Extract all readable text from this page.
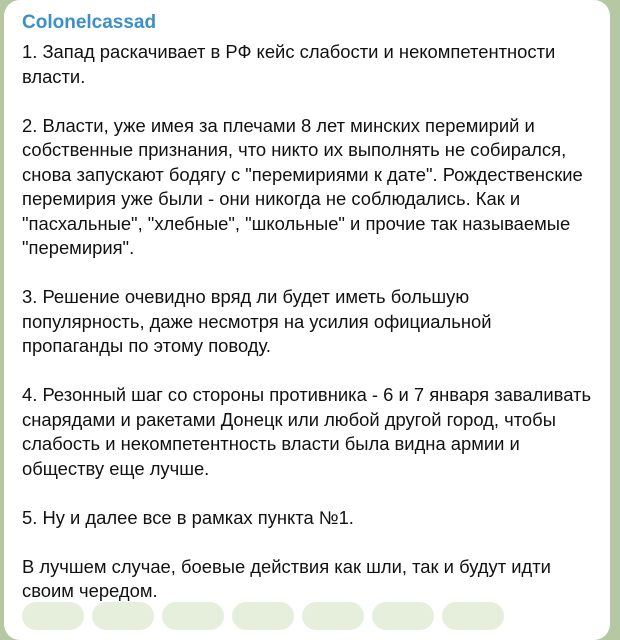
Colonelcassad

1. Запад раскачивает в РФ кейс слабости и некомпетентности власти.

2. Власти, уже имея за плечами 8 лет минских перемирий и собственные признания, что никто их выполнять не собирался, снова запускают бодягу с "перемириями к дате". Рождественские перемирия уже были - они никогда не соблюдались. Как и "пасхальные", "хлебные", "школьные" и прочие так называемые "перемирия".

3. Решение очевидно вряд ли будет иметь большую популярность, даже несмотря на усилия официальной пропаганды по этому поводу.

4. Резонный шаг со стороны противника - 6 и 7 января заваливать снарядами и ракетами Донецк или любой другой город, чтобы слабость и некомпетентность власти была видна армии и обществу еще лучше.

5. Ну и далее все в рамках пункта №1.

В лучшем случае, боевые действия как шли, так и будут идти своим чередом.
